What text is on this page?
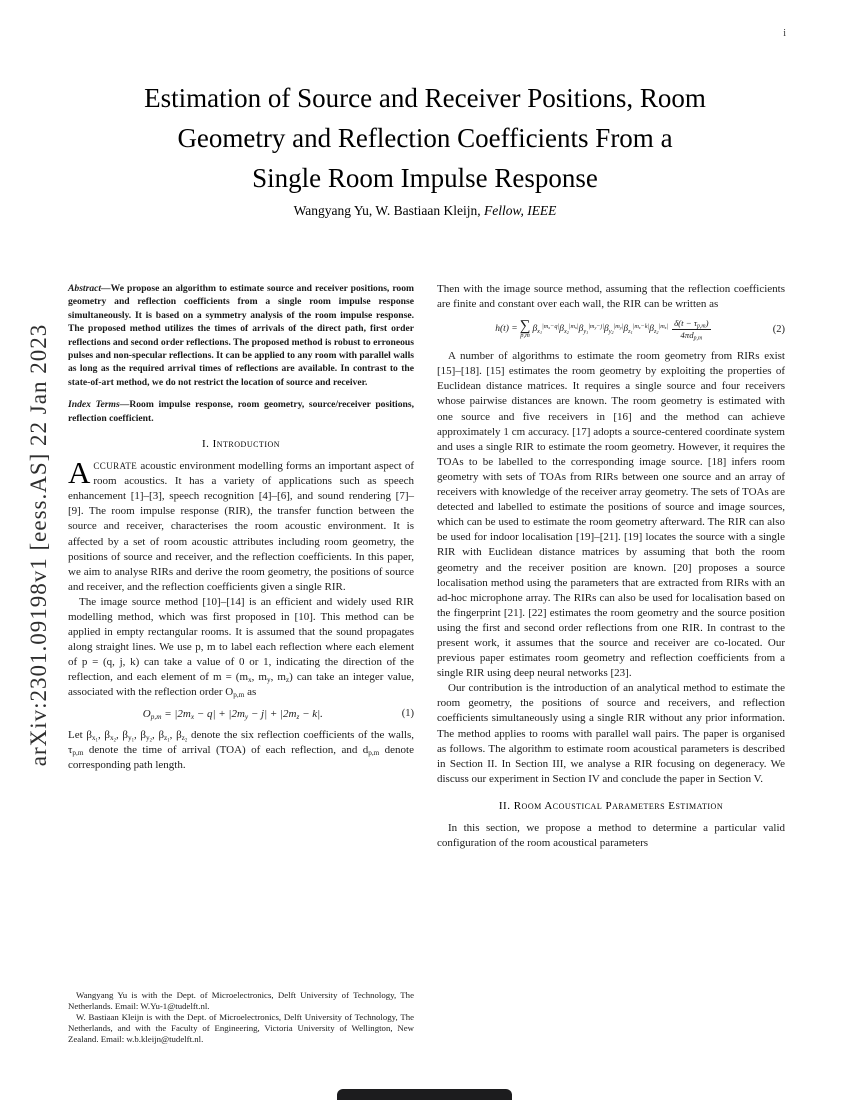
i
arXiv:2301.09198v1 [eess.AS] 22 Jan 2023
Estimation of Source and Receiver Positions, Room
Geometry and Reflection Coefficients From a
Single Room Impulse Response
Wangyang Yu, W. Bastiaan Kleijn, Fellow, IEEE

Abstract—We propose an algorithm to estimate source and receiver positions, room geometry and reflection coefficients from a single room impulse response simultaneously. It is based on a symmetry analysis of the room impulse response. The proposed method utilizes the times of arrivals of the direct path, first order reflections and second order reflections. The proposed method is robust to erroneous pulses and non-specular reflections. It can be applied to any room with parallel walls as long as the required arrival times of reflections are available. In contrast to the state-of-art method, we do not restrict the location of source and receiver.

Index Terms—Room impulse response, room geometry, source/receiver positions, reflection coefficient.

I. Introduction

ACCURATE acoustic environment modelling forms an important aspect of room acoustics. It has a variety of applications such as speech enhancement [1]–[3], speech recognition [4]–[6], and sound rendering [7]–[9]. The room impulse response (RIR), the transfer function between the source and receiver, characterises the room acoustic environment. It is affected by a set of room acoustic attributes including room geometry, the positions of source and receiver, and the reflection coefficients. In this paper, we aim to analyse RIRs and derive the room geometry, the positions of source and receiver, and the reflection coefficients given a single RIR.

The image source method [10]–[14] is an efficient and widely used RIR modelling method, which was first proposed in [10]. This method can be applied in empty rectangular rooms. It is assumed that the sound propagates along straight lines. We use p, m to label each reflection where each element of p = (q, j, k) can take a value of 0 or 1, indicating the direction of the reflection, and each element of $m = (m_x$, $m_y$, $m_z$) can take an integer value, associated with the reflection order $O_{p,m}$ as

$O_{p,m} = |2m_x - q| + |2m_y - j| + |2m_z - k|$.	(1)

Let $\beta_{x_1}$, $\beta_{x_2}$, $\beta_{y_1}$, $\beta_{y_2}$, $\beta_{z_1}$, $\beta_{z_2}$ denote the six reflection coefficients of the walls, $\tau_{p,m}$ denote the time of arrival (TOA) of each reflection, and $d_{p,m}$ denote corresponding path length.

Wangyang Yu is with the Dept. of Microelectronics, Delft University of Technology, The Netherlands. Email: W.Yu-1@tudelft.nl.

W. Bastiaan Kleijn is with the Dept. of Microelectronics, Delft University of Technology, The Netherlands, and with the Faculty of Engineering, Victoria University of Wellington, New Zealand. Email: w.b.kleijn@tudelft.nl.

Then with the image source method, assuming that the reflection coefficients are finite and constant over each wall, the RIR can be written as

h(t) = ∑
p,m
$\beta_{x_1}^{|m_x-q|}\beta_{x_2}^{|m_x|}\beta_{y_1}^{|m_y-j|}\beta_{y_2}^{|m_y|}\beta_{z_1}^{|m_z-k|}\beta_{z_2}^{|m_z|} \frac{\delta(t - \tau_{p,m})}{4\pi d_{p,m}}$	(2)

A number of algorithms to estimate the room geometry from RIRs exist [15]–[18]. [15] estimates the room geometry by exploiting the properties of Euclidean distance matrices. It requires a single source and four receivers whose pairwise distances are known. The room geometry is estimated with one source and five receivers in [16] and the method can achieve approximately 1 cm accuracy. [17] adopts a source-centered coordinate system and uses a single RIR to estimate the room geometry. However, it requires the TOAs to be labelled to the corresponding image source. [18] infers room geometry with sets of TOAs from RIRs between one source and an array of receivers with knowledge of the receiver array geometry. The sets of TOAs are detected and labelled to estimate the positions of source and image sources, which can be used to estimate the room geometry afterward. The RIR can also be used for indoor localisation [19]–[21]. [19] locates the source with a single RIR with Euclidean distance matrices by assuming that both the room geometry and the receiver position are known. [20] proposes a source localisation method using the parameters that are extracted from RIRs with an ad-hoc microphone array. The RIRs can also be used for localisation based on the fingerprint [21]. [22] estimates the room geometry and the source position using the first and second order reflections from one RIR. In contrast to the present work, it assumes that the source and receiver are co-located. Our previous paper estimates room geometry and reflection coefficients from a single RIR using deep neural networks [23].

Our contribution is the introduction of an analytical method to estimate the room geometry, the positions of source and receivers, and reflection coefficients simultaneously using a single RIR without any prior information. The method applies to rooms with parallel wall pairs. The paper is organised as follows. The algorithm to estimate room acoustical parameters is described in Section II. In Section III, we analyse a RIR focusing on degeneracy. We discuss our experiment in Section IV and conclude the paper in Section V.

II. Room Acoustical Parameters Estimation

In this section, we propose a method to determine a particular valid configuration of the room acoustical parameters
